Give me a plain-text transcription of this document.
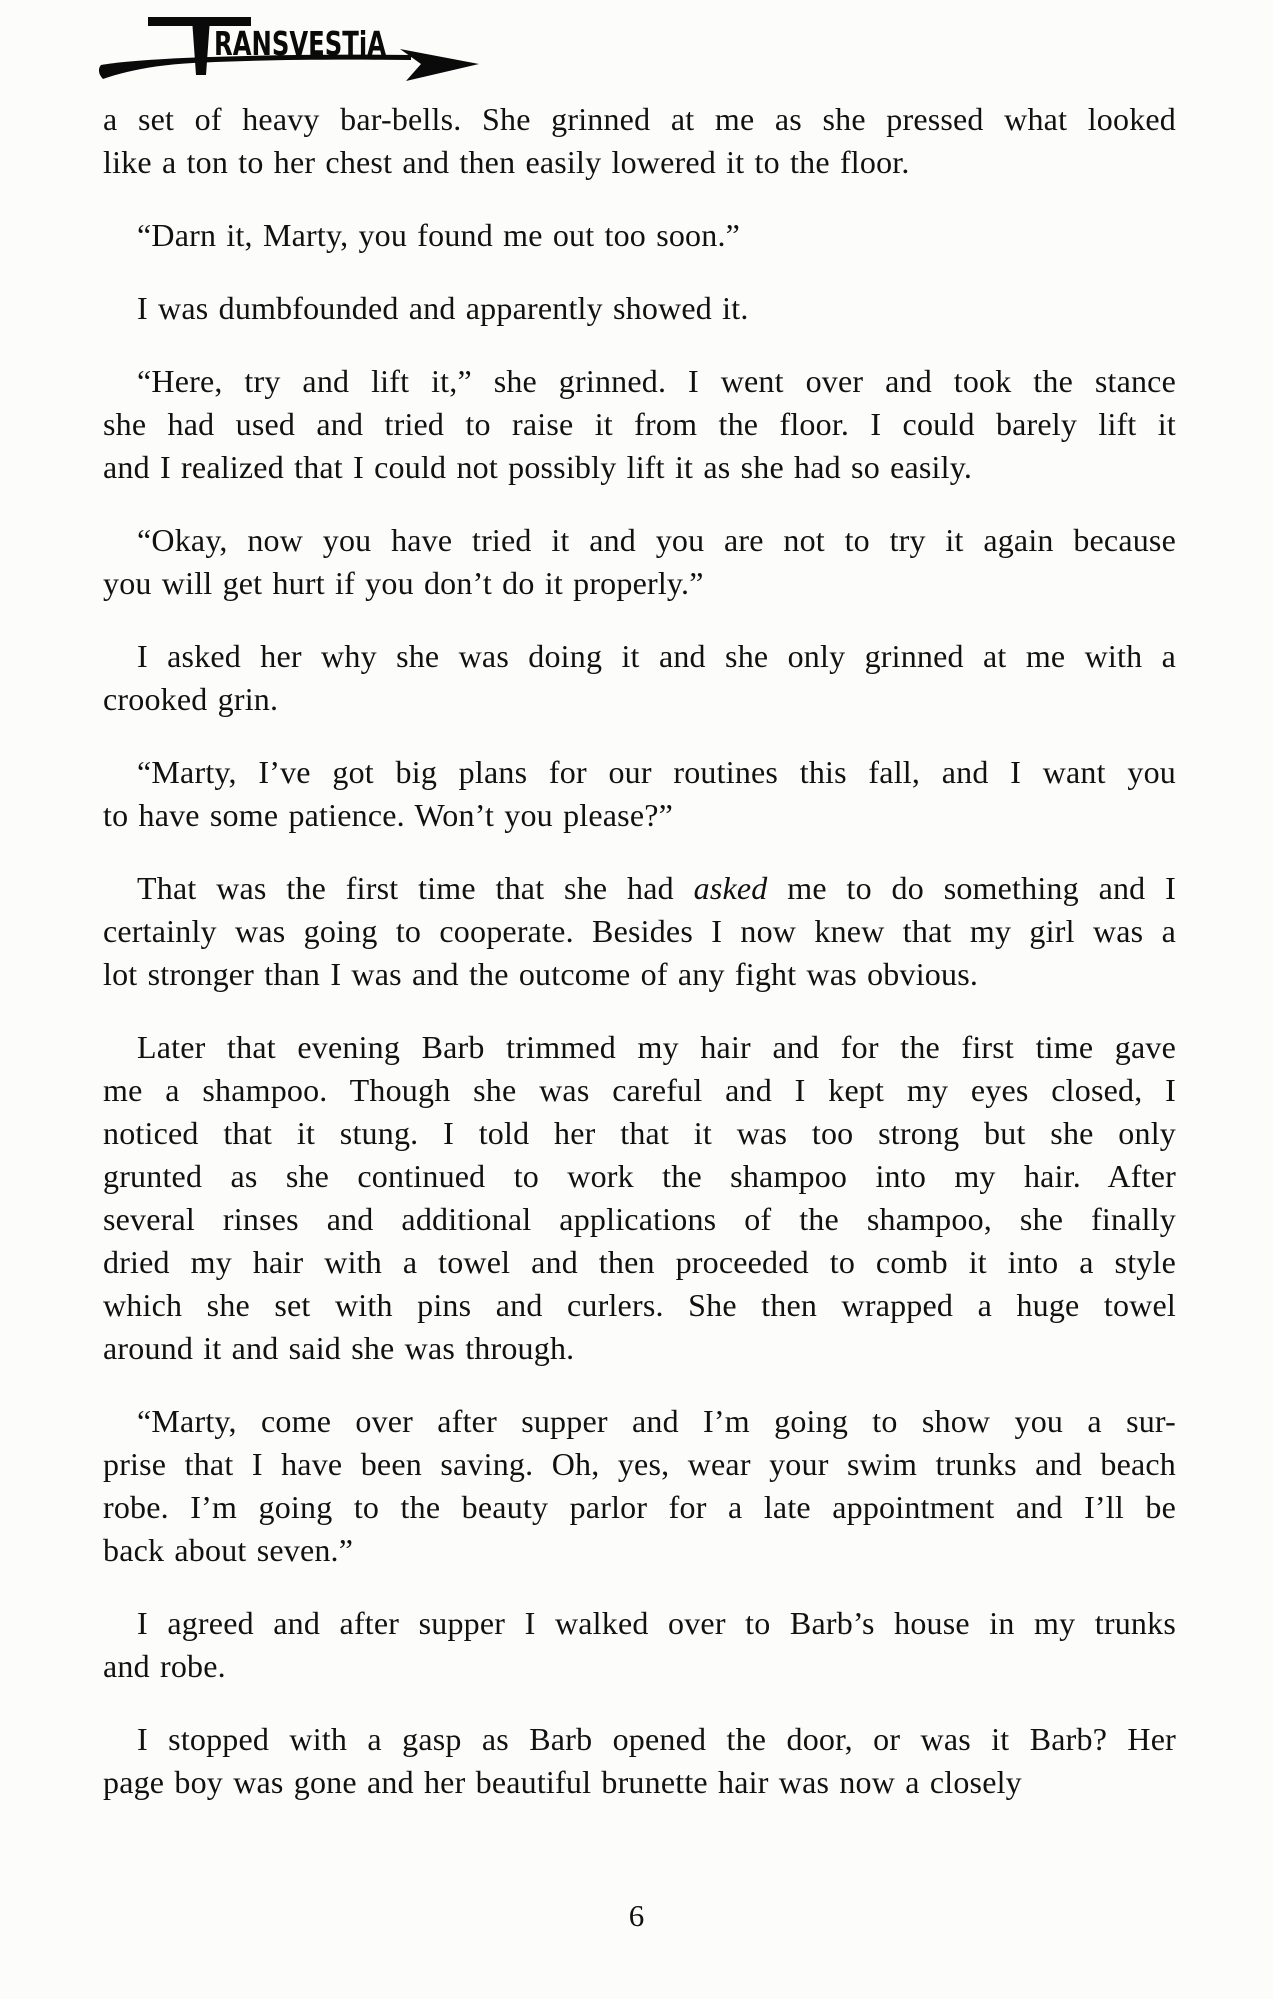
RANSVESTiA

a set of heavy bar-bells. She grinned at me as she pressed what looked
like a ton to her chest and then easily lowered it to the floor.

“Darn it, Marty, you found me out too soon.”

I was dumbfounded and apparently showed it.

“Here, try and lift it,” she grinned. I went over and took the stance
she had used and tried to raise it from the floor. I could barely lift it
and I realized that I could not possibly lift it as she had so easily.

“Okay, now you have tried it and you are not to try it again because
you will get hurt if you don’t do it properly.”

I asked her why she was doing it and she only grinned at me with a
crooked grin.

“Marty, I’ve got big plans for our routines this fall, and I want you
to have some patience. Won’t you please?”

That was the first time that she had asked me to do something and I
certainly was going to cooperate. Besides I now knew that my girl was a
lot stronger than I was and the outcome of any fight was obvious.

Later that evening Barb trimmed my hair and for the first time gave
me a shampoo. Though she was careful and I kept my eyes closed, I
noticed that it stung. I told her that it was too strong but she only
grunted as she continued to work the shampoo into my hair. After
several rinses and additional applications of the shampoo, she finally
dried my hair with a towel and then proceeded to comb it into a style
which she set with pins and curlers. She then wrapped a huge towel
around it and said she was through.

“Marty, come over after supper and I’m going to show you a sur-
prise that I have been saving. Oh, yes, wear your swim trunks and beach
robe. I’m going to the beauty parlor for a late appointment and I’ll be
back about seven.”

I agreed and after supper I walked over to Barb’s house in my trunks
and robe.

I stopped with a gasp as Barb opened the door, or was it Barb? Her
page boy was gone and her beautiful brunette hair was now a closely

6
